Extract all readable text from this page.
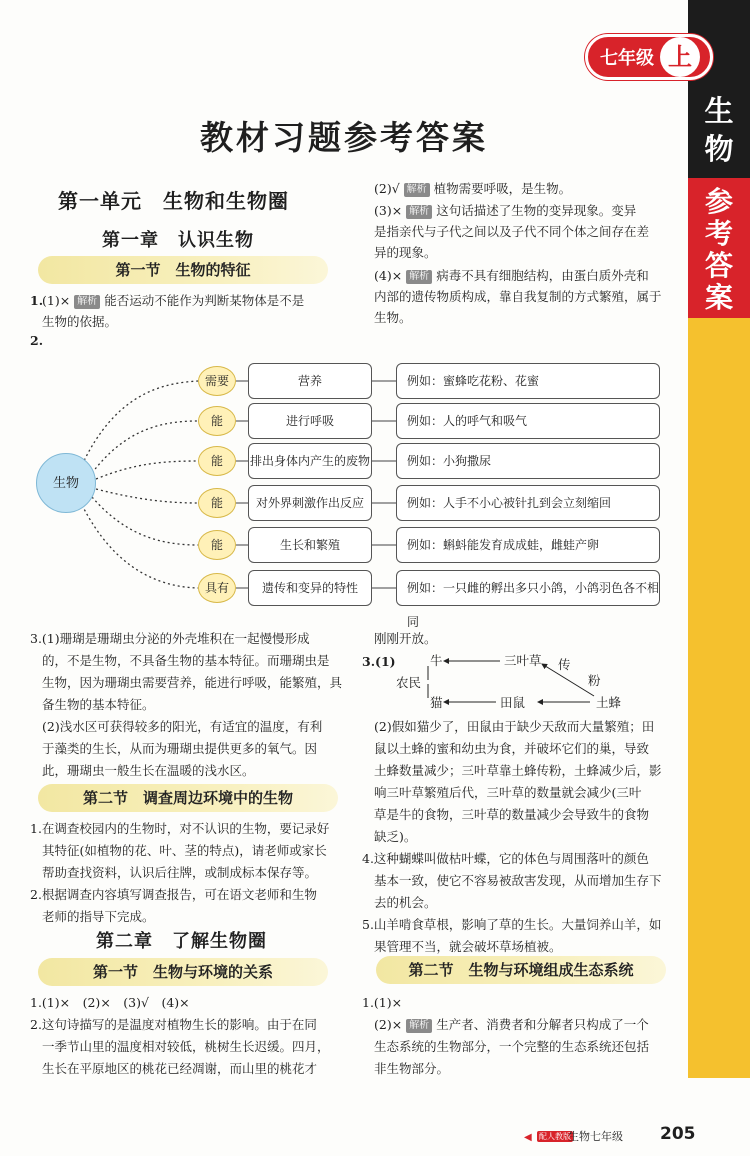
生物
参考答案
七年级 上
教材习题参考答案
第一单元　生物和生物圈
第一章　认识生物
第一节　生物的特征
1.
(1)× 解析 能否运动不能作为判断某物体是不是
生物的依据。
2.
生物
需要	营养	例如：蜜蜂吃花粉、花蜜
能	进行呼吸	例如：人的呼气和吸气
能	排出身体内产生的废物	例如：小狗撒尿
能	对外界刺激作出反应	例如：人手不小心被针扎到会立刻缩回
能	生长和繁殖	例如：蝌蚪能发育成成蛙，雌蛙产卵
具有	遗传和变异的特性	例如：一只雌的孵出多只小鸽，小鸽羽色各不相同
(2)√ 解析 植物需要呼吸，是生物。
(3)× 解析 这句话描述了生物的变异现象。变异
是指亲代与子代之间以及子代不同个体之间存在差
异的现象。
(4)× 解析 病毒不具有细胞结构，由蛋白质外壳和
内部的遗传物质构成，靠自我复制的方式繁殖，属于
生物。
3.(1)珊瑚是珊瑚虫分泌的外壳堆积在一起慢慢形成
的，不是生物，不具备生物的基本特征。而珊瑚虫是
生物，因为珊瑚虫需要营养，能进行呼吸，能繁殖，具
备生物的基本特征。
(2)浅水区可获得较多的阳光，有适宜的温度，有利
于藻类的生长，从而为珊瑚虫提供更多的氧气。因
此，珊瑚虫一般生长在温暖的浅水区。
第二节　调查周边环境中的生物
1.在调查校园内的生物时，对不认识的生物，要记录好
其特征(如植物的花、叶、茎的特点)，请老师或家长
帮助查找资料，认识后往牌，或制成标本保存等。
2.根据调查内容填写调查报告，可在语文老师和生物
老师的指导下完成。
第二章　了解生物圈
第一节　生物与环境的关系
1.(1)×　(2)×　(3)√　(4)×
2.这句诗描写的是温度对植物生长的影响。由于在同
一季节山里的温度相对较低，桃树生长迟缓。四月，
生长在平原地区的桃花已经凋谢，而山里的桃花才
刚刚开放。
3.(1)	牛	三叶草 传
粉
农民
猫	田鼠	土蜂
(2)假如猫少了，田鼠由于缺少天敌而大量繁殖；田
鼠以土蜂的蜜和幼虫为食，并破坏它们的巢，导致
土蜂数量减少；三叶草靠土蜂传粉，土蜂减少后，影
响三叶草繁殖后代，三叶草的数量就会减少(三叶
草是牛的食物，三叶草的数量减少会导致牛的食物
缺乏)。
4.这种蝴蝶叫做枯叶蝶，它的体色与周围落叶的颜色
基本一致，使它不容易被敌害发现，从而增加生存下
去的机会。
5.山羊啃食草根，影响了草的生长。大量饲养山羊，如
果管理不当，就会破坏草场植被。
第二节　生物与环境组成生态系统
1.(1)×
(2)× 解析 生产者、消费者和分解者只构成了一个
生态系统的生物部分，一个完整的生态系统还包括
非生物部分。
◀ 配人教版
生物七年级 205
